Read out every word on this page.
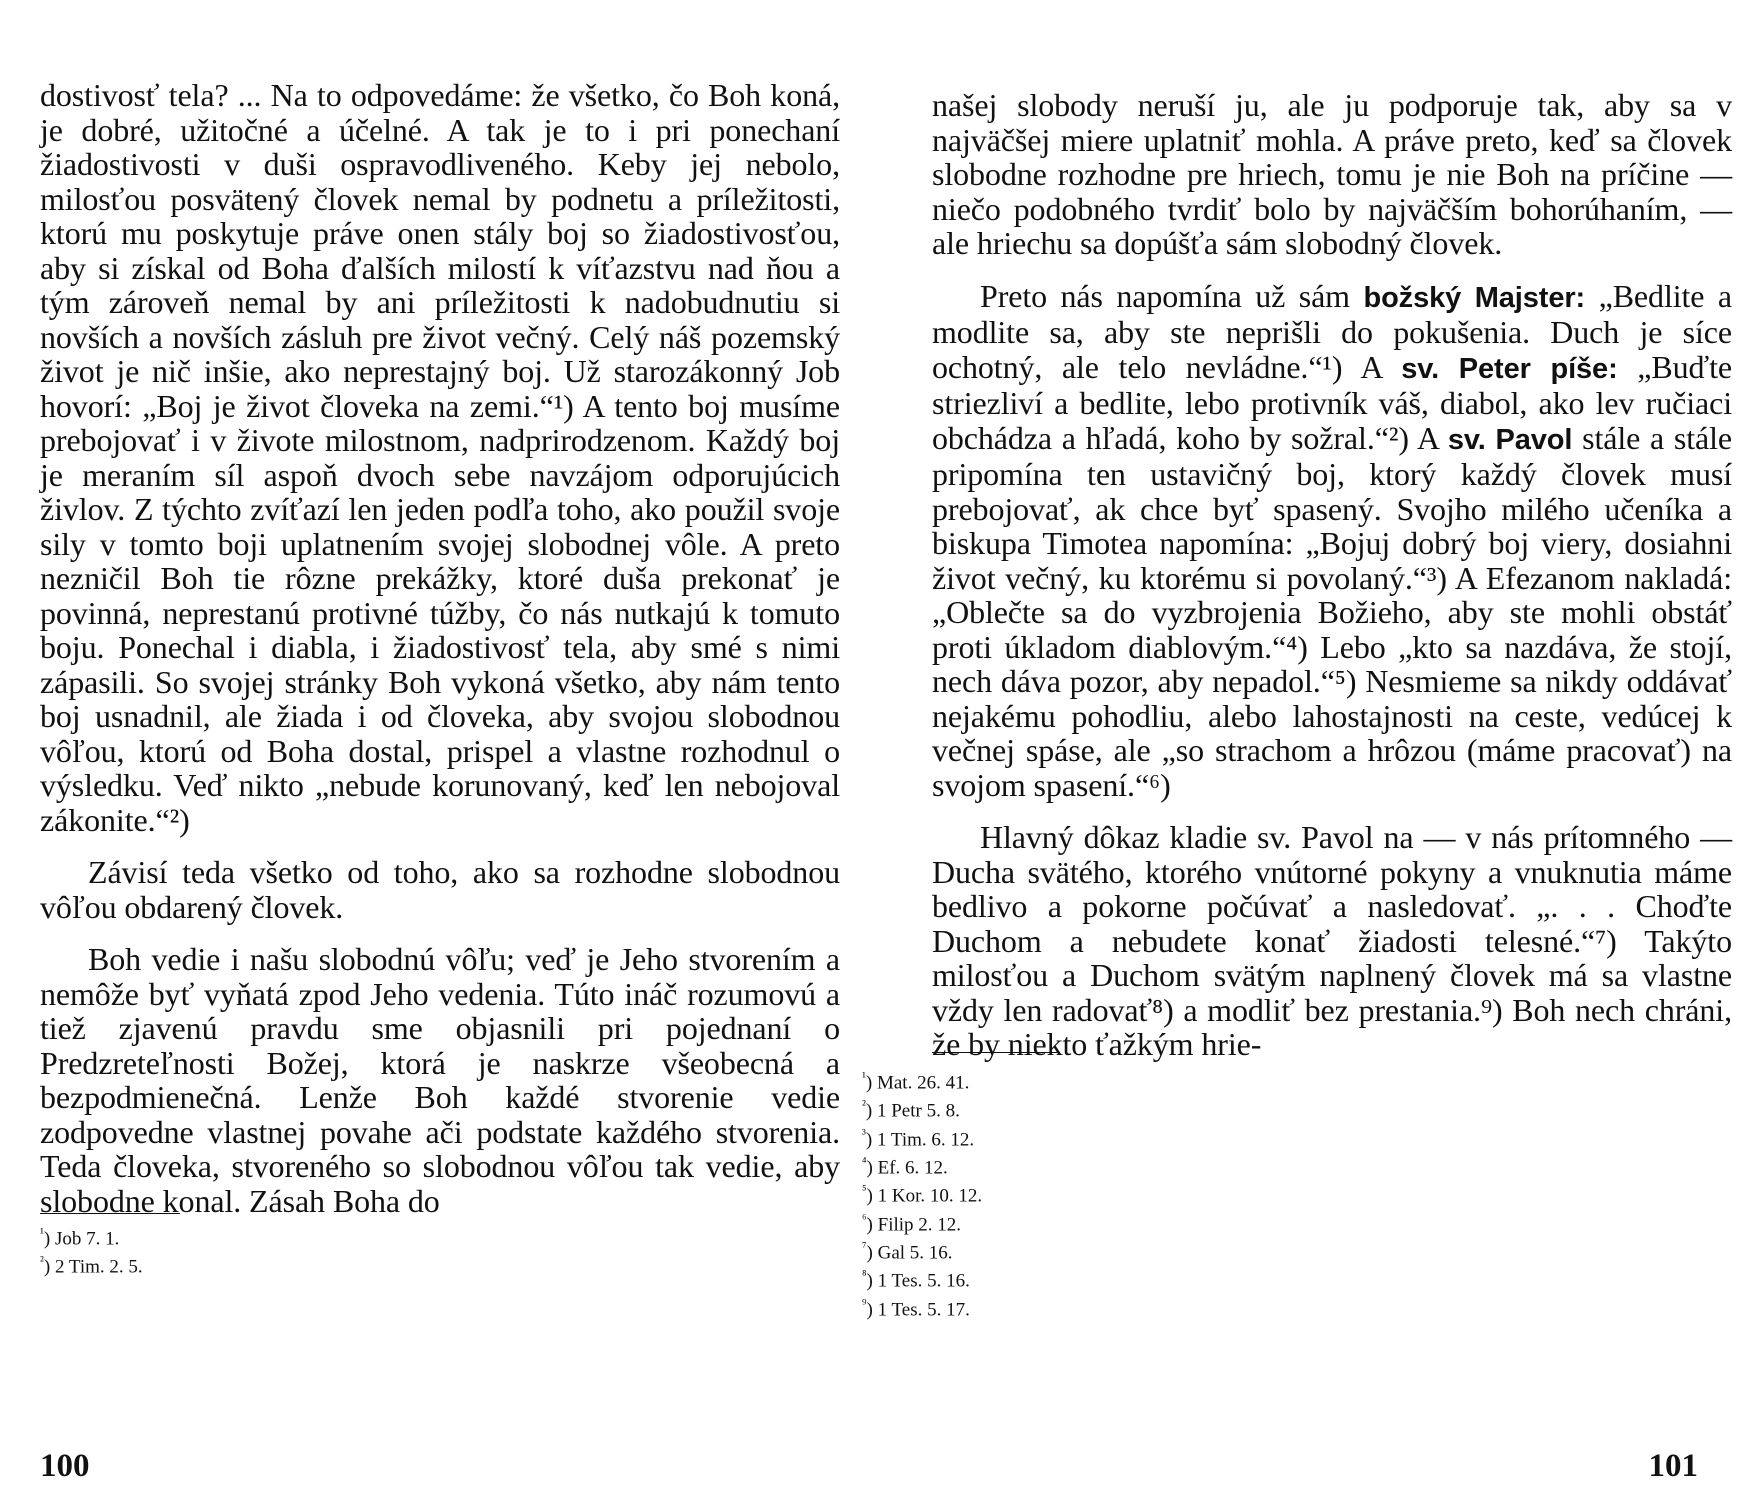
dostivosť tela? ... Na to odpovedáme: že všetko, čo Boh koná, je dobré, užitočné a účelné. A tak je to i pri ponechaní žiadostivosti v duši ospravodliveného. Keby jej nebolo, milosťou posvätený človek nemal by podnetu a príležitosti, ktorú mu poskytuje práve onen stály boj so žiadostivosťou, aby si získal od Boha ďalších milostí k víťazstvu nad ňou a tým zároveň nemal by ani príležitosti k nadobudnutiu si novších a novších zásluh pre život večný. Celý náš pozemský život je nič inšie, ako neprestajný boj. Už starozákonný Job hovorí: „Boj je život človeka na zemi.“¹) A tento boj musíme prebojovať i v živote milostnom, nadprirodzenom. Každý boj je meraním síl aspoň dvoch sebe navzájom odporujúcich živlov. Z týchto zvíťazí len jeden podľa toho, ako použil svoje sily v tomto boji uplatnením svojej slobodnej vôle. A preto nezničil Boh tie rôzne prekážky, ktoré duša prekonať je povinná, neprestanú protivné túžby, čo nás nutkajú k tomuto boju. Ponechal i diabla, i žiadostivosť tela, aby smé s nimi zápasili. So svojej stránky Boh vykoná všetko, aby nám tento boj usnadnil, ale žiada i od človeka, aby svojou slobodnou vôľou, ktorú od Boha dostal, prispel a vlastne rozhodnul o výsledku. Veď nikto „nebude korunovaný, keď len nebojoval zákonite.“²)

Závisí teda všetko od toho, ako sa rozhodne slobodnou vôľou obdarený človek.

Boh vedie i našu slobodnú vôľu; veď je Jeho stvorením a nemôže byť vyňatá zpod Jeho vedenia. Túto ináč rozumovú a tiež zjavenú pravdu sme objasnili pri pojednaní o Predzreteľnosti Božej, ktorá je naskrze všeobecná a bezpodmienečná. Lenže Boh každé stvorenie vedie zodpovedne vlastnej povahe ači podstate každého stvorenia. Teda človeka, stvoreného so slobodnou vôľou tak vedie, aby slobodne konal. Zásah Boha do

$^{^1}$) Job 7. 1.
$^{^2}$) 2 Tim. 2. 5.
100

našej slobody neruší ju, ale ju podporuje tak, aby sa v najväčšej miere uplatniť mohla. A práve preto, keď sa človek slobodne rozhodne pre hriech, tomu je nie Boh na príčine — niečo podobného tvrdiť bolo by najväčším bohorúhaním, — ale hriechu sa dopúšťa sám slobodný človek.

Preto nás napomína už sám božský Majster: „Bedlite a modlite sa, aby ste neprišli do pokušenia. Duch je síce ochotný, ale telo nevládne.“¹) A sv. Peter píše: „Buďte striezliví a bedlite, lebo protivník váš, diabol, ako lev ručiaci obchádza a hľadá, koho by sožral.“²) A sv. Pavol stále a stále pripomína ten ustavičný boj, ktorý každý človek musí prebojovať, ak chce byť spasený. Svojho milého učeníka a biskupa Timotea napomína: „Bojuj dobrý boj viery, dosiahni život večný, ku ktorému si povolaný.“³) A Efezanom nakladá: „Oblečte sa do vyzbrojenia Božieho, aby ste mohli obstáť proti úkladom diablovým.“⁴) Lebo „kto sa nazdáva, že stojí, nech dáva pozor, aby nepadol.“⁵) Nesmieme sa nikdy oddávať nejakému pohodliu, alebo lahostajnosti na ceste, vedúcej k večnej spáse, ale „so strachom a hrôzou (máme pracovať) na svojom spasení.“⁶)

Hlavný dôkaz kladie sv. Pavol na — v nás prítomného — Ducha svätého, ktorého vnútorné pokyny a vnuknutia máme bedlivo a pokorne počúvať a nasledovať. „. . . Choďte Duchom a nebudete konať žiadosti telesné.“⁷) Takýto milosťou a Duchom svätým naplnený človek má sa vlastne vždy len radovať⁸) a modliť bez prestania.⁹) Boh nech chráni, že by niekto ťažkým hrie-

$^{^1}$) Mat. 26. 41.
$^{^2}$) 1 Petr 5. 8.
$^{^3}$) 1 Tim. 6. 12.
$^{^4}$) Ef. 6. 12.
$^{^5}$) 1 Kor. 10. 12.
$^{^6}$) Filip 2. 12.
$^{^7}$) Gal 5. 16.
$^{^8}$) 1 Tes. 5. 16.
$^{^9}$) 1 Tes. 5. 17.
101
